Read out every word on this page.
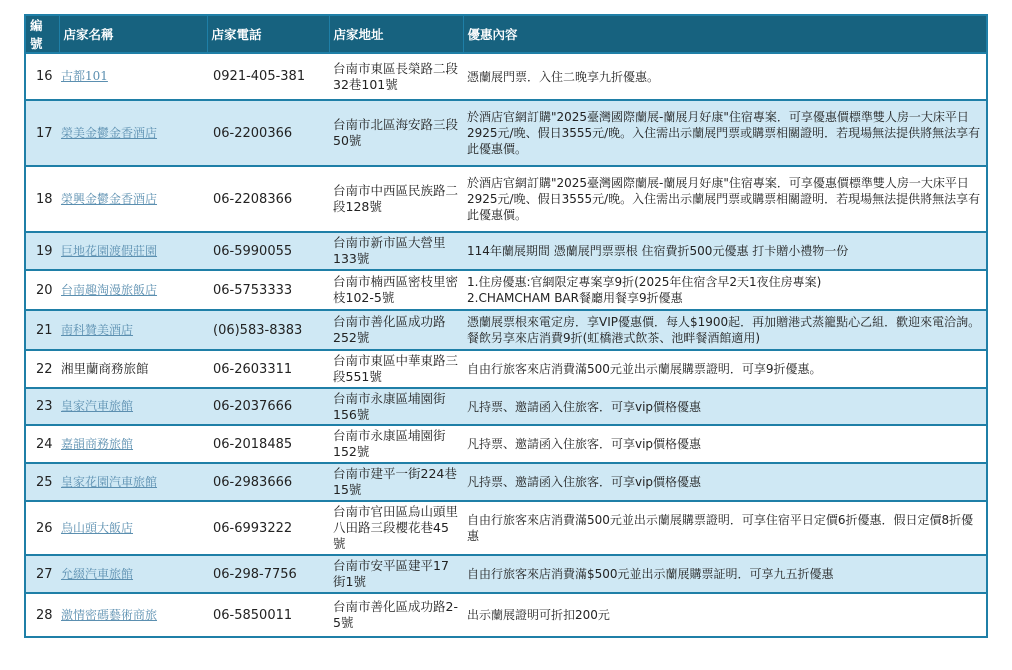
編號	店家名稱	店家電話	店家地址	優惠內容
16	古都101	0921-405-381	台南市東區長榮路二段32巷101號	憑蘭展門票．入住二晚享九折優惠。
17	榮美金鬱金香酒店	06-2200366	台南市北區海安路三段50號	於酒店官網訂購"2025臺灣國際蘭展-蘭展月好康"住宿專案．可享優惠價標準雙人房一大床平日2925元/晚、假日3555元/晚。入住需出示蘭展門票或購票相關證明．若現場無法提供將無法享有此優惠價。
18	榮興金鬱金香酒店	06-2208366	台南市中西區民族路二段128號	於酒店官網訂購"2025臺灣國際蘭展-蘭展月好康"住宿專案．可享優惠價標準雙人房一大床平日2925元/晚、假日3555元/晚。入住需出示蘭展門票或購票相關證明．若現場無法提供將無法享有此優惠價。
19	巨地花園渡假莊園	06-5990055	台南市新市區大營里133號	114年蘭展期間 憑蘭展門票票根 住宿費折500元優惠 打卡贈小禮物一份
20	台南趣淘漫旅飯店	06-5753333	台南市楠西區密枝里密枝102-5號	1.住房優惠:官網限定專案享9折(2025年住宿含早2天1夜住房專案)
2.CHAMCHAM BAR餐廳用餐享9折優惠
21	南科贊美酒店	(06)583-8383	台南市善化區成功路252號	憑蘭展票根來電定房．享VIP優惠價．每人$1900起．再加贈港式蒸籠點心乙組．歡迎來電洽詢。餐飲另享來店消費9折(虹橋港式飲茶、池畔餐酒館適用)
22	湘里蘭商務旅館	06-2603311	台南市東區中華東路三段551號	自由行旅客來店消費滿500元並出示蘭展購票證明．可享9折優惠。
23	皇家汽車旅館	06-2037666	台南市永康區埔園街156號	凡持票、邀請函入住旅客．可享vip價格優惠
24	嘉韻商務旅館	06-2018485	台南市永康區埔園街152號	凡持票、邀請函入住旅客．可享vip價格優惠
25	皇家花園汽車旅館	06-2983666	台南市建平一街224巷15號	凡持票、邀請函入住旅客．可享vip價格優惠
26	烏山頭大飯店	06-6993222	台南市官田區烏山頭里八田路三段櫻花巷45號	自由行旅客來店消費滿500元並出示蘭展購票證明．可享住宿平日定價6折優惠．假日定價8折優惠
27	允綴汽車旅館	06-298-7756	台南市安平區建平17街1號	自由行旅客來店消費滿$500元並出示蘭展購票証明．可享九五折優惠
28	激情密碼藝術商旅	06-5850011	台南市善化區成功路2-5號	出示蘭展證明可折扣200元
